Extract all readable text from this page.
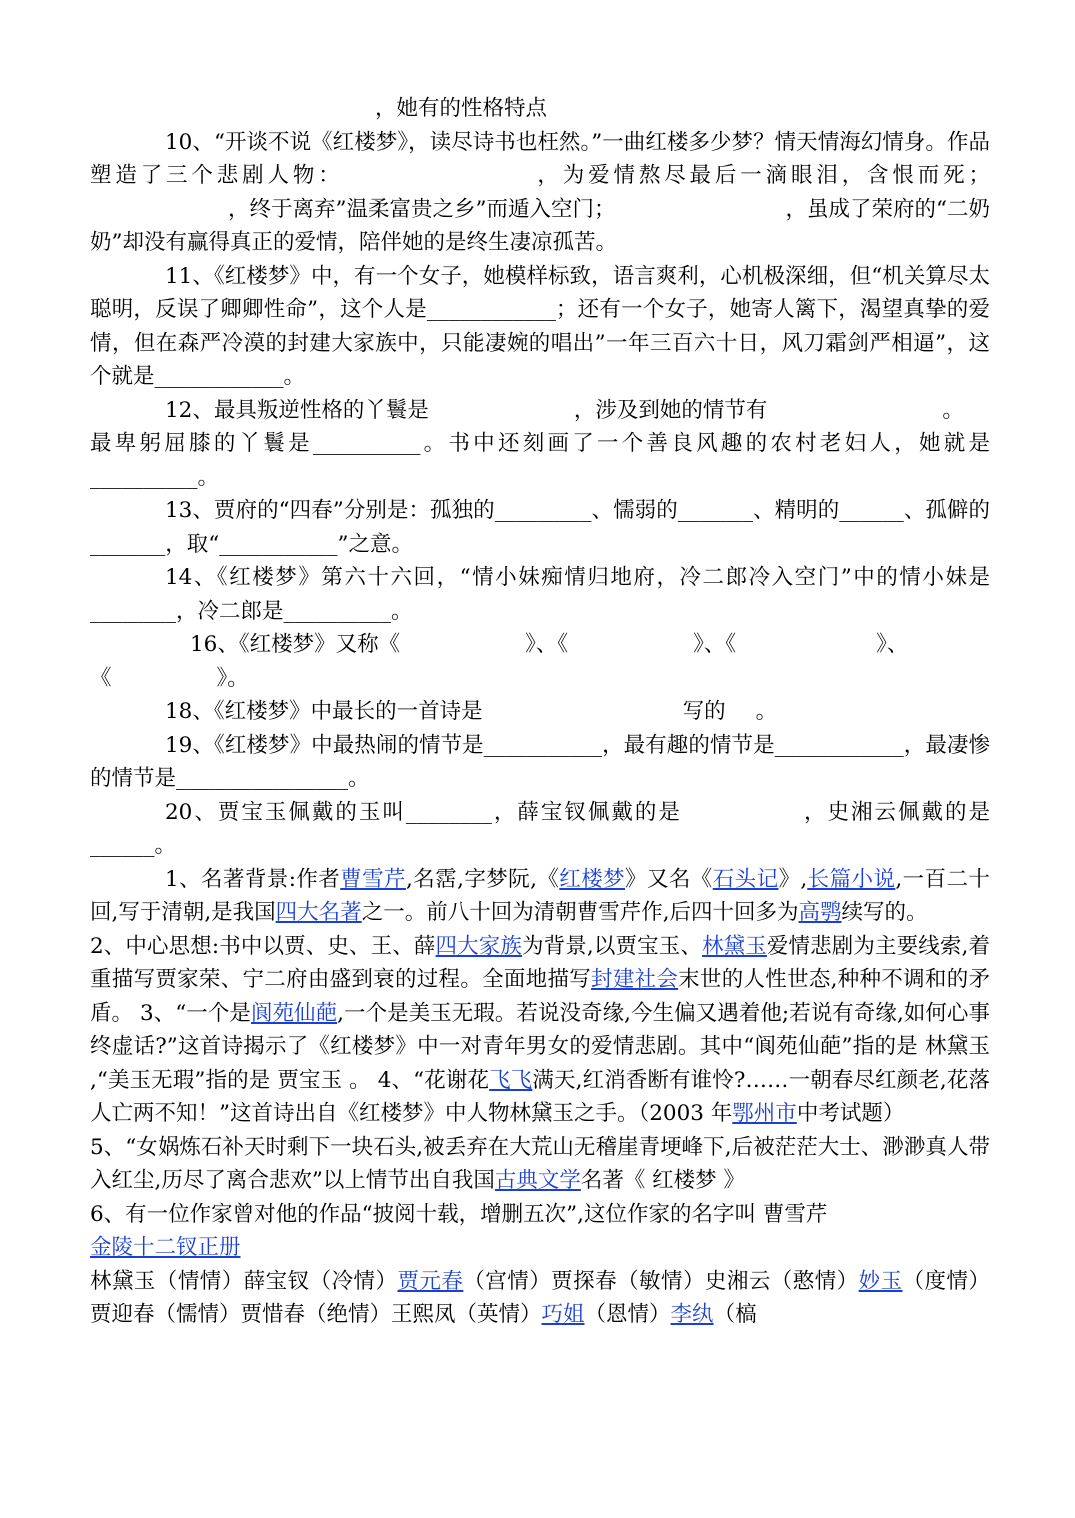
，她有的性格特点

10、“开谈不说《红楼梦》，读尽诗书也枉然。”一曲红楼多少梦？情天情海幻情身。作品塑造了三个悲剧人物：	，为爱情熬尽最后一滴眼泪，含恨而死；，终于离弃”温柔富贵之乡”而遁入空门；	，虽成了荣府的“二奶奶”却没有赢得真正的爱情，陪伴她的是终生凄凉孤苦。

11、《红楼梦》中，有一个女子，她模样标致，语言爽利，心机极深细，但“机关算尽太聪明，反误了卿卿性命”，这个人是____________；还有一个女子，她寄人篱下，渴望真挚的爱情，但在森严冷漠的封建大家族中，只能凄婉的唱出”一年三百六十日，风刀霜剑严相逼”，这个就是____________。

12、最具叛逆性格的丫鬟是	，涉及到她的情节有	。
最卑躬屈膝的丫鬟是__________。书中还刻画了一个善良风趣的农村老妇人，她就是__________。

13、贾府的“四春”分别是：孤独的_________、懦弱的_______、精明的______、孤僻的_______，取“___________”之意。

14、《红楼梦》第六十六回，“情小妹痴情归地府，冷二郎冷入空门”中的情小妹是________，冷二郎是__________。

16、《红楼梦》又称《	》、《	》、《	》、
《	》。

18、《红楼梦》中最长的一首诗是	写的 。

19、《红楼梦》中最热闹的情节是___________，最有趣的情节是____________，最凄惨的情节是________________。

20、贾宝玉佩戴的玉叫________，薛宝钗佩戴的是	，史湘云佩戴的是______。

1、名著背景:作者曹雪芹,名霑,字梦阮,《红楼梦》又名《石头记》,长篇小说,一百二十回,写于清朝,是我国四大名著之一。前八十回为清朝曹雪芹作,后四十回多为高鹗续写的。

2、中心思想:书中以贾、史、王、薛四大家族为背景,以贾宝玉、林黛玉爱情悲剧为主要线索,着重描写贾家荣、宁二府由盛到衰的过程。全面地描写封建社会末世的人性世态,种种不调和的矛盾。 3、“一个是阆苑仙葩,一个是美玉无瑕。若说没奇缘,今生偏又遇着他;若说有奇缘,如何心事终虚话?”这首诗揭示了《红楼梦》中一对青年男女的爱情悲剧。其中“阆苑仙葩”指的是 林黛玉 ,“美玉无瑕”指的是 贾宝玉 。 4、“花谢花飞飞满天,红消香断有谁怜?……一朝春尽红颜老,花落人亡两不知！”这首诗出自《红楼梦》中人物林黛玉之手。（2003 年鄂州市中考试题）

5、“女娲炼石补天时剩下一块石头,被丢弃在大荒山无稽崖青埂峰下,后被茫茫大士、渺渺真人带入红尘,历尽了离合悲欢”以上情节出自我国古典文学名著《 红楼梦 》

6、有一位作家曾对他的作品“披阅十载，增删五次”,这位作家的名字叫 曹雪芹

金陵十二钗正册

林黛玉（情情）薛宝钗（冷情）贾元春（宫情）贾探春（敏情）史湘云（憨情）妙玉（度情）贾迎春（懦情）贾惜春（绝情）王熙凤（英情）巧姐（恩情）李纨（槁
